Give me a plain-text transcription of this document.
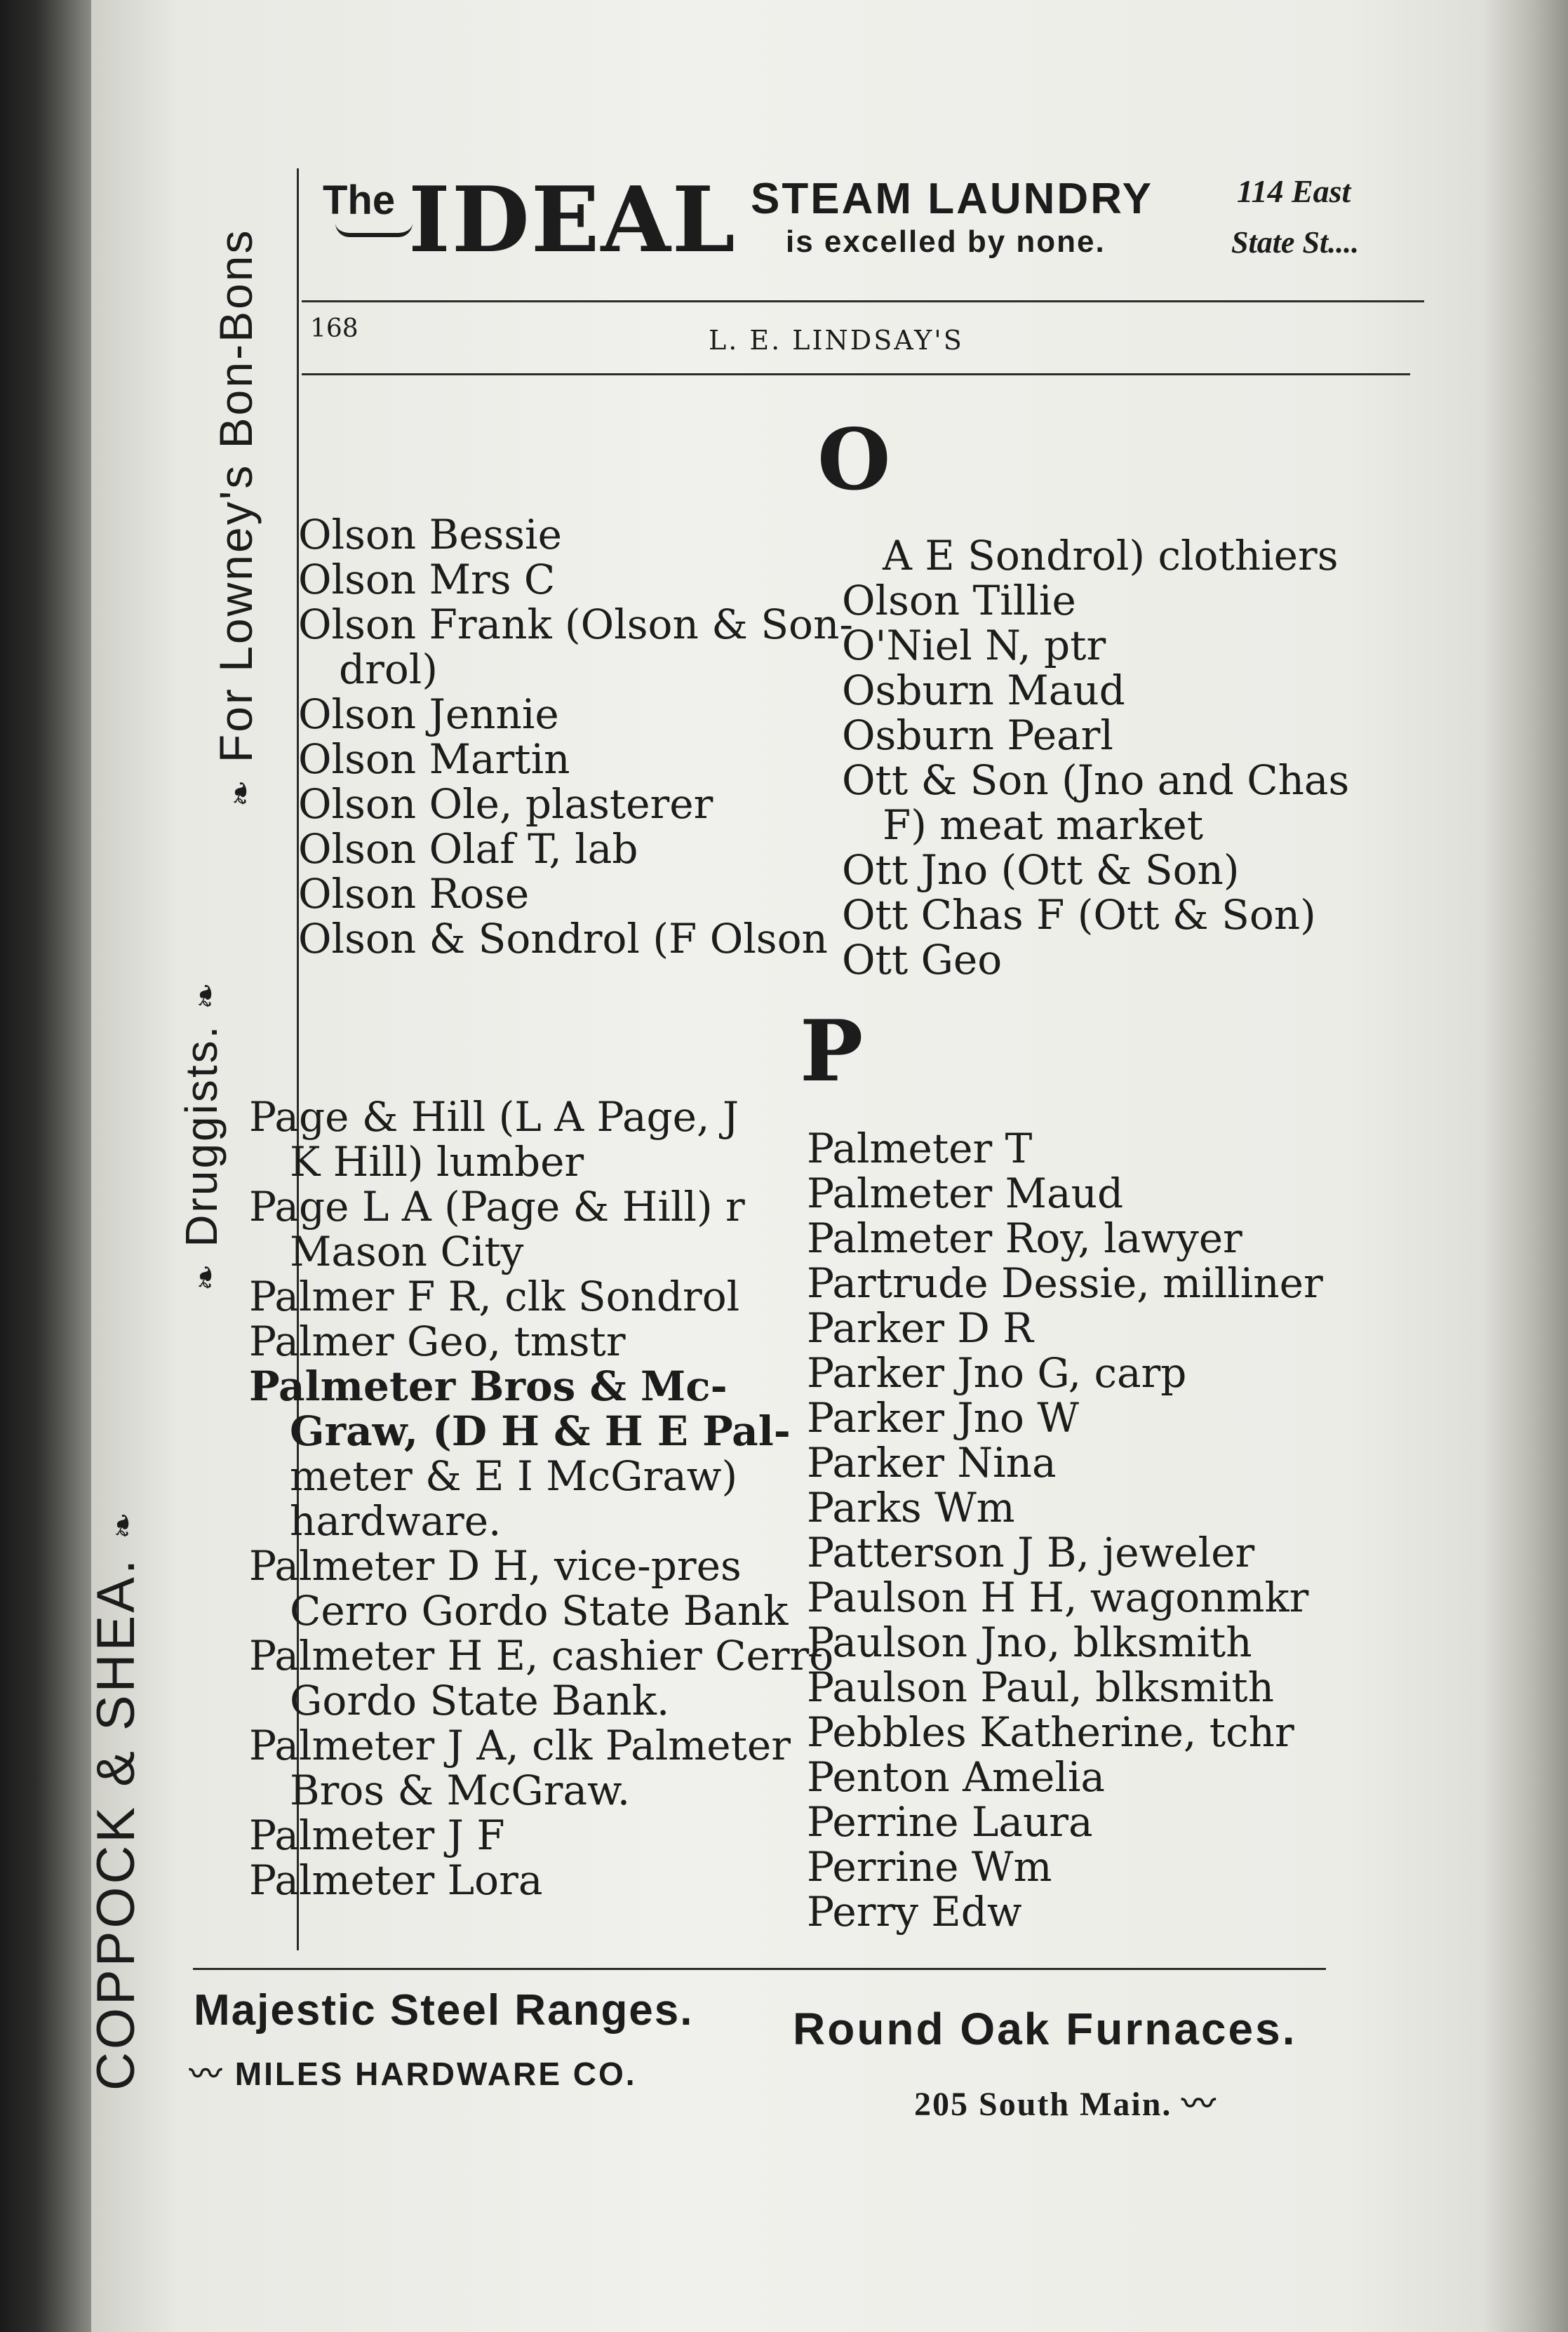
The IDEAL STEAM LAUNDRY
is excelled by none.
114 East
State St....
168	L. E. LINDSAY'S
❧ For Lowney's Bon-Bons
❧ Druggists. ❧
COPPOCK & SHEA. ❧
O
Olson Bessie
Olson Mrs C
Olson Frank (Olson & Son-
drol)
Olson Jennie
Olson Martin
Olson Ole, plasterer
Olson Olaf T, lab
Olson Rose
Olson & Sondrol (F Olson
A E Sondrol) clothiers
Olson Tillie
O'Niel N, ptr
Osburn Maud
Osburn Pearl
Ott & Son (Jno and Chas
F) meat market
Ott Jno (Ott & Son)
Ott Chas F (Ott & Son)
Ott Geo
P
Page & Hill (L A Page, J
K Hill) lumber
Page L A (Page & Hill) r
Mason City
Palmer F R, clk Sondrol
Palmer Geo, tmstr
Palmeter Bros & Mc-
Graw, (D H & H E Pal-
meter & E I McGraw)
hardware.
Palmeter D H, vice-pres
Cerro Gordo State Bank
Palmeter H E, cashier Cerro
Gordo State Bank.
Palmeter J A, clk Palmeter
Bros & McGraw.
Palmeter J F
Palmeter Lora
Palmeter T
Palmeter Maud
Palmeter Roy, lawyer
Partrude Dessie, milliner
Parker D R
Parker Jno G, carp
Parker Jno W
Parker Nina
Parks Wm
Patterson J B, jeweler
Paulson H H, wagonmkr
Paulson Jno, blksmith
Paulson Paul, blksmith
Pebbles Katherine, tchr
Penton Amelia
Perrine Laura
Perrine Wm
Perry Edw
Majestic Steel Ranges.
〰 MILES HARDWARE CO.
Round Oak Furnaces.
205 South Main. 〰
